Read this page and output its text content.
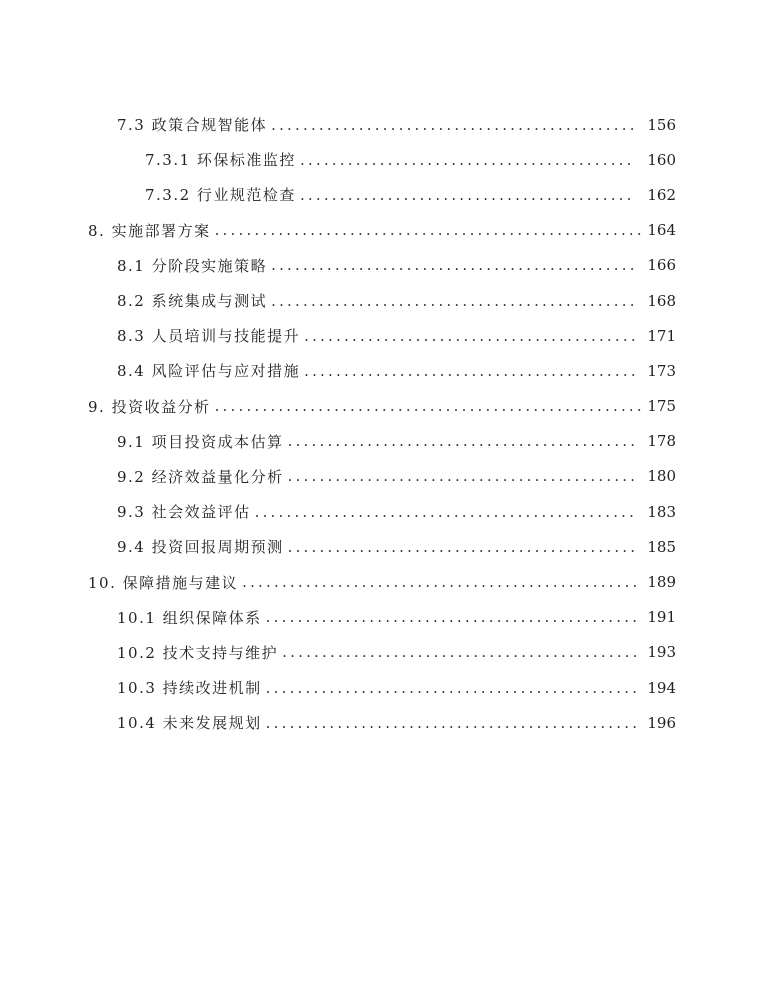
7.3 政策合规智能体 .....	156
7.3.1 环保标准监控 .....	160
7.3.2 行业规范检查 .....	162
8. 实施部署方案 .....	164
8.1 分阶段实施策略 .....	166
8.2 系统集成与测试 .....	168
8.3 人员培训与技能提升 .....	171
8.4 风险评估与应对措施 .....	173
9. 投资收益分析 .....	175
9.1 项目投资成本估算 .....	178
9.2 经济效益量化分析 .....	180
9.3 社会效益评估 .....	183
9.4 投资回报周期预测 .....	185
10. 保障措施与建议 .....	189
10.1 组织保障体系 .....	191
10.2 技术支持与维护 .....	193
10.3 持续改进机制 .....	194
10.4 未来发展规划 .....	196
